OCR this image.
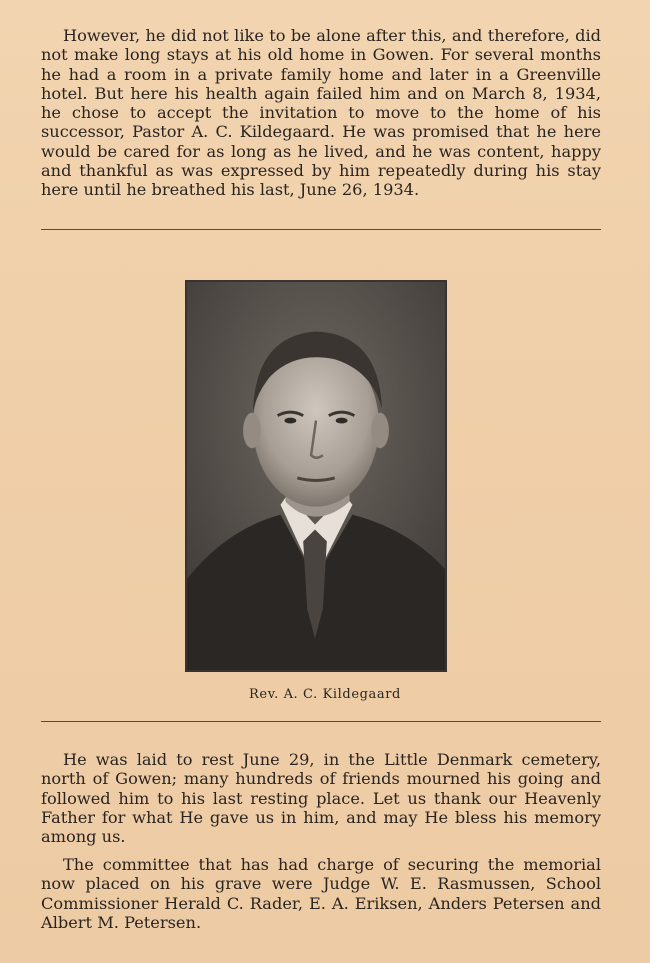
However, he did not like to be alone after this, and therefore, did not make long stays at his old home in Gowen. For several months he had a room in a private family home and later in a Greenville hotel. But here his health again failed him and on March 8, 1934, he chose to accept the invitation to move to the home of his successor, Pastor A. C. Kildegaard. He was promised that he here would be cared for as long as he lived, and he was content, happy and thankful as was expressed by him repeatedly during his stay here until he breathed his last, June 26, 1934.

Rev. A. C. Kildegaard

He was laid to rest June 29, in the Little Denmark cemetery, north of Gowen; many hundreds of friends mourned his going and followed him to his last resting place. Let us thank our Heavenly Father for what He gave us in him, and may He bless his memory among us.

The committee that has had charge of securing the memorial now placed on his grave were Judge W. E. Rasmussen, School Commissioner Herald C. Rader, E. A. Eriksen, Anders Petersen and Albert M. Petersen.
